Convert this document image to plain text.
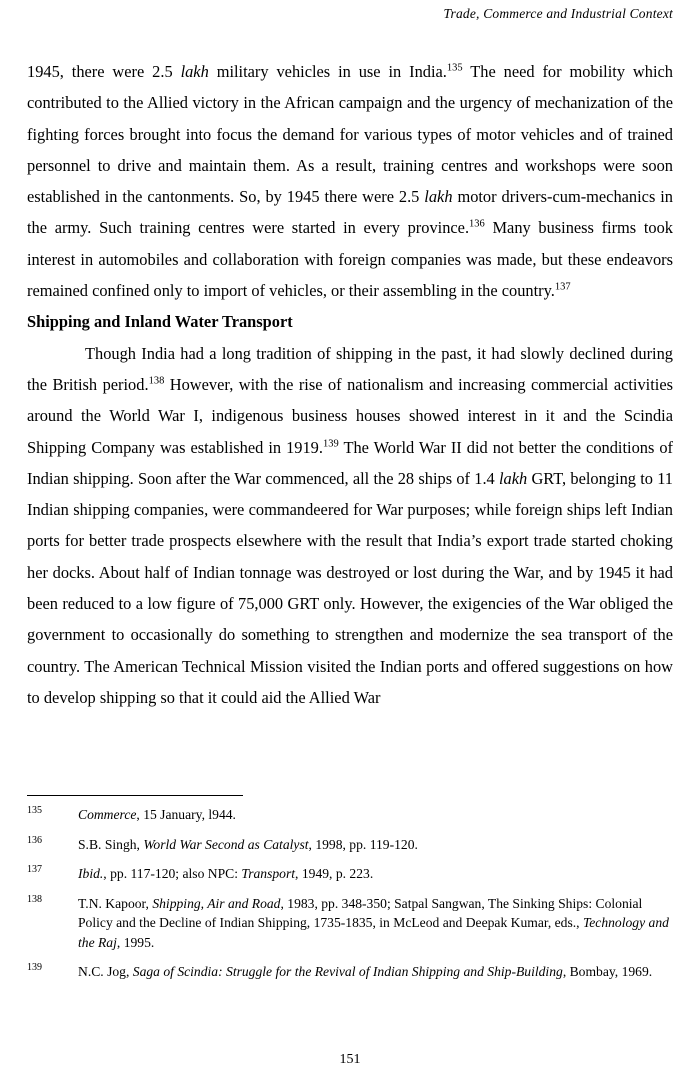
Trade, Commerce and Industrial Context

1945, there were 2.5 lakh military vehicles in use in India.$^{135}$ The need for mobility which contributed to the Allied victory in the African campaign and the urgency of mechanization of the fighting forces brought into focus the demand for various types of motor vehicles and of trained personnel to drive and maintain them. As a result, training centres and workshops were soon established in the cantonments. So, by 1945 there were 2.5 lakh motor drivers-cum-mechanics in the army. Such training centres were started in every province.$^{136}$ Many business firms took interest in automobiles and collaboration with foreign companies was made, but these endeavors remained confined only to import of vehicles, or their assembling in the country.$^{137}$

Shipping and Inland Water Transport

Though India had a long tradition of shipping in the past, it had slowly declined during the British period.$^{138}$ However, with the rise of nationalism and increasing commercial activities around the World War I, indigenous business houses showed interest in it and the Scindia Shipping Company was established in 1919.$^{139}$ The World War II did not better the conditions of Indian shipping. Soon after the War commenced, all the 28 ships of 1.4 lakh GRT, belonging to 11 Indian shipping companies, were commandeered for War purposes; while foreign ships left Indian ports for better trade prospects elsewhere with the result that India’s export trade started choking her docks. About half of Indian tonnage was destroyed or lost during the War, and by 1945 it had been reduced to a low figure of 75,000 GRT only. However, the exigencies of the War obliged the government to occasionally do something to strengthen and modernize the sea transport of the country. The American Technical Mission visited the Indian ports and offered suggestions on how to develop shipping so that it could aid the Allied War

135	Commerce, 15 January, l944.
136	S.B. Singh, World War Second as Catalyst, 1998, pp. 119-120.
137	Ibid., pp. 117-120; also NPC: Transport, 1949, p. 223.
138	T.N. Kapoor, Shipping, Air and Road, 1983, pp. 348-350; Satpal Sangwan, The Sinking Ships: Colonial Policy and the Decline of Indian Shipping, 1735-1835, in McLeod and Deepak Kumar, eds., Technology and the Raj, 1995.
139	N.C. Jog, Saga of Scindia: Struggle for the Revival of Indian Shipping and Ship-Building, Bombay, 1969.
151
